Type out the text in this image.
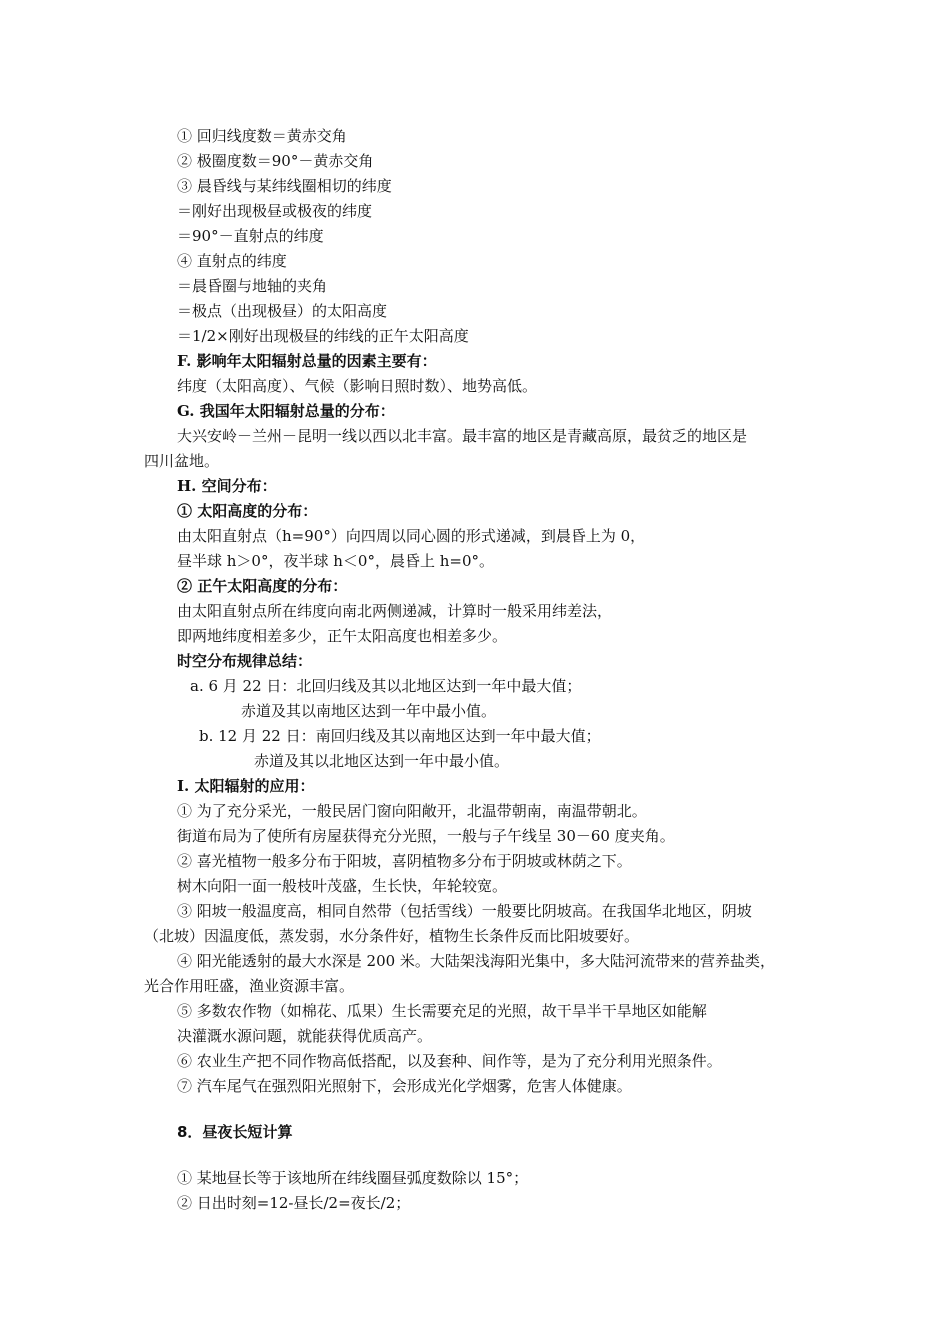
① 回归线度数＝黄赤交角
② 极圈度数＝90°－黄赤交角
③ 晨昏线与某纬线圈相切的纬度
＝刚好出现极昼或极夜的纬度
＝90°－直射点的纬度
④ 直射点的纬度
＝晨昏圈与地轴的夹角
＝极点（出现极昼）的太阳高度
＝1/2×刚好出现极昼的纬线的正午太阳高度
F. 影响年太阳辐射总量的因素主要有：
纬度（太阳高度）、气候（影响日照时数）、地势高低。
G. 我国年太阳辐射总量的分布：
大兴安岭－兰州－昆明一线以西以北丰富。最丰富的地区是青藏高原，最贫乏的地区是
四川盆地。
H. 空间分布：
① 太阳高度的分布：
由太阳直射点（h=90°）向四周以同心圆的形式递减，到晨昏上为 0，
昼半球 h＞0°，夜半球 h＜0°，晨昏上 h=0°。
② 正午太阳高度的分布：
由太阳直射点所在纬度向南北两侧递减，计算时一般采用纬差法，
即两地纬度相差多少，正午太阳高度也相差多少。
时空分布规律总结：
a. 6 月 22 日：北回归线及其以北地区达到一年中最大值；
赤道及其以南地区达到一年中最小值。
b. 12 月 22 日：南回归线及其以南地区达到一年中最大值；
赤道及其以北地区达到一年中最小值。
I. 太阳辐射的应用：
① 为了充分采光，一般民居门窗向阳敞开，北温带朝南，南温带朝北。
街道布局为了使所有房屋获得充分光照，一般与子午线呈 30－60 度夹角。
② 喜光植物一般多分布于阳坡，喜阴植物多分布于阴坡或林荫之下。
树木向阳一面一般枝叶茂盛，生长快，年轮较宽。
③ 阳坡一般温度高，相同自然带（包括雪线）一般要比阴坡高。在我国华北地区，阴坡
（北坡）因温度低，蒸发弱，水分条件好，植物生长条件反而比阳坡要好。
④ 阳光能透射的最大水深是 200 米。大陆架浅海阳光集中，多大陆河流带来的营养盐类，
光合作用旺盛，渔业资源丰富。
⑤ 多数农作物（如棉花、瓜果）生长需要充足的光照，故干旱半干旱地区如能解
决灌溉水源问题，就能获得优质高产。
⑥ 农业生产把不同作物高低搭配，以及套种、间作等，是为了充分利用光照条件。
⑦ 汽车尾气在强烈阳光照射下，会形成光化学烟雾，危害人体健康。
8．昼夜长短计算
① 某地昼长等于该地所在纬线圈昼弧度数除以 15°；
② 日出时刻=12-昼长/2=夜长/2；
